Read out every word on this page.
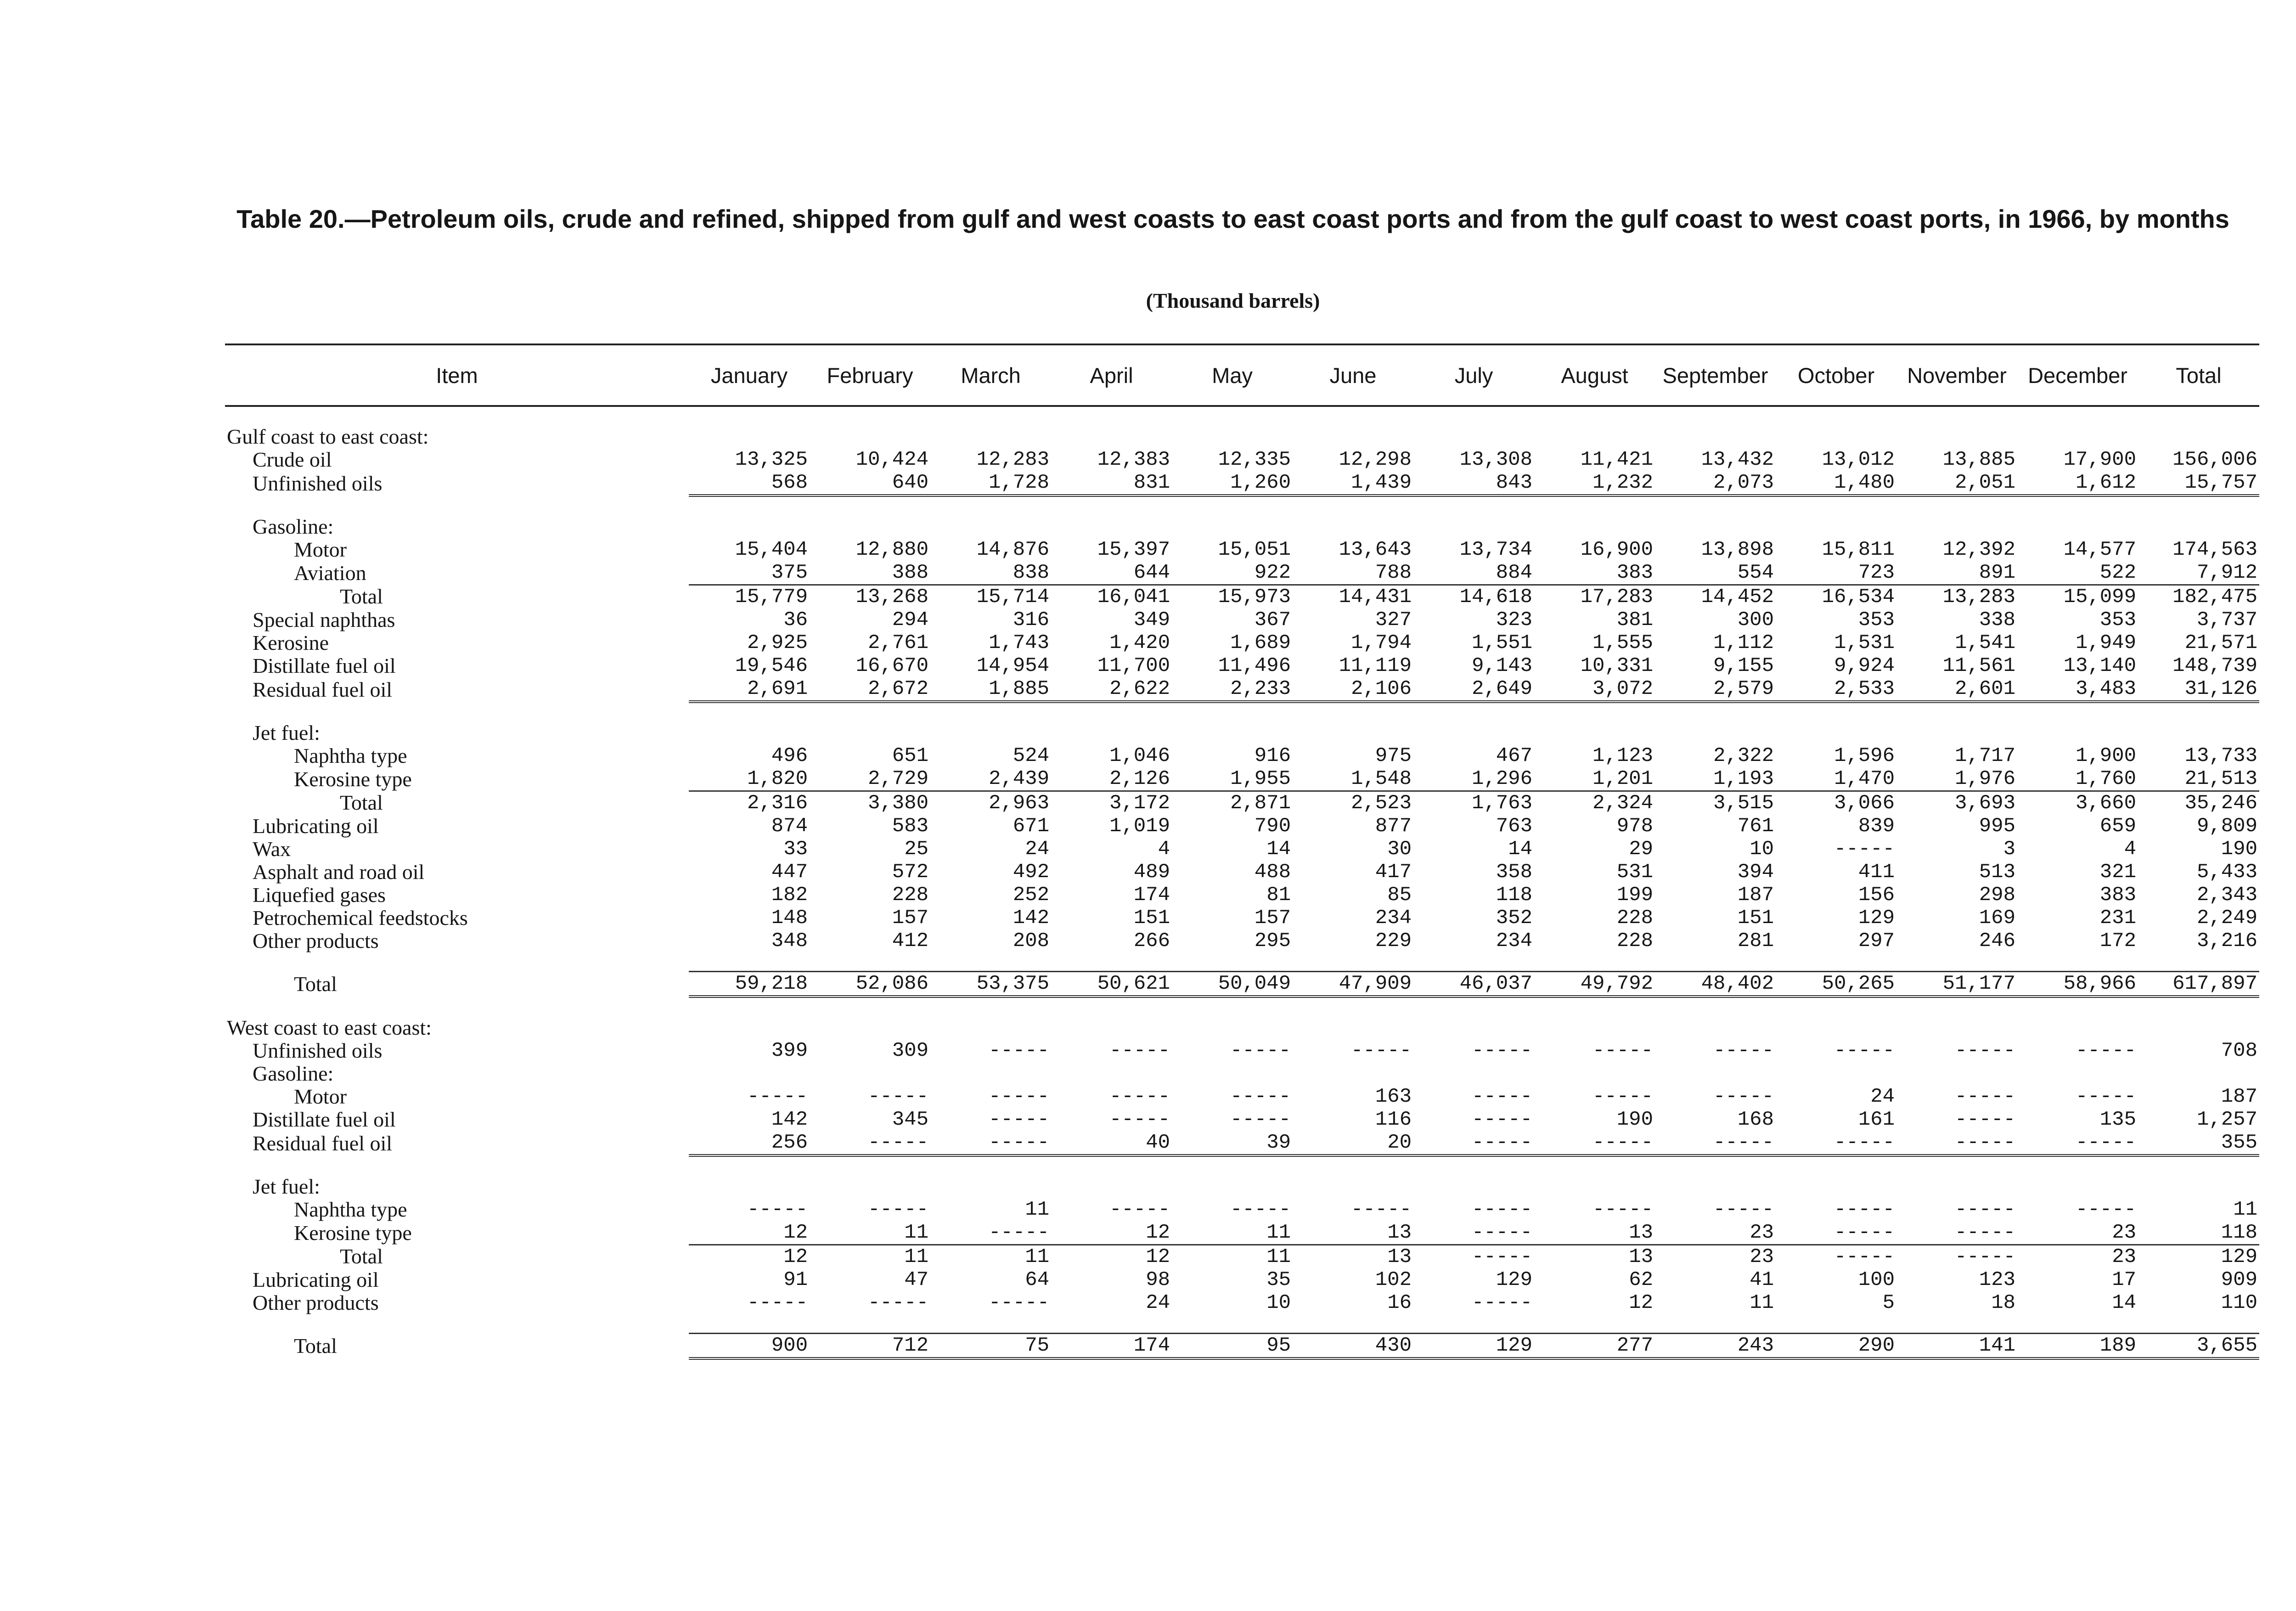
Table 20.—Petroleum oils, crude and refined, shipped from gulf and west coasts to east coast ports and from the gulf coast to west coast ports, in 1966, by months
(Thousand barrels)
Item	January	February	March	April	May	June	July	August	September	October	November	December	Total

Gulf coast to east coast:													
Crude oil	13,325	10,424	12,283	12,383	12,335	12,298	13,308	11,421	13,432	13,012	13,885	17,900	156,006
Unfinished oils	568	640	1,728	831	1,260	1,439	843	1,232	2,073	1,480	2,051	1,612	15,757

Gasoline:													
Motor	15,404	12,880	14,876	15,397	15,051	13,643	13,734	16,900	13,898	15,811	12,392	14,577	174,563
Aviation	375	388	838	644	922	788	884	383	554	723	891	522	7,912
Total	15,779	13,268	15,714	16,041	15,973	14,431	14,618	17,283	14,452	16,534	13,283	15,099	182,475
Special naphthas	36	294	316	349	367	327	323	381	300	353	338	353	3,737
Kerosine	2,925	2,761	1,743	1,420	1,689	1,794	1,551	1,555	1,112	1,531	1,541	1,949	21,571
Distillate fuel oil	19,546	16,670	14,954	11,700	11,496	11,119	9,143	10,331	9,155	9,924	11,561	13,140	148,739
Residual fuel oil	2,691	2,672	1,885	2,622	2,233	2,106	2,649	3,072	2,579	2,533	2,601	3,483	31,126

Jet fuel:													
Naphtha type	496	651	524	1,046	916	975	467	1,123	2,322	1,596	1,717	1,900	13,733
Kerosine type	1,820	2,729	2,439	2,126	1,955	1,548	1,296	1,201	1,193	1,470	1,976	1,760	21,513
Total	2,316	3,380	2,963	3,172	2,871	2,523	1,763	2,324	3,515	3,066	3,693	3,660	35,246
Lubricating oil	874	583	671	1,019	790	877	763	978	761	839	995	659	9,809
Wax	33	25	24	4	14	30	14	29	10	-----	3	4	190
Asphalt and road oil	447	572	492	489	488	417	358	531	394	411	513	321	5,433
Liquefied gases	182	228	252	174	81	85	118	199	187	156	298	383	2,343
Petrochemical feedstocks	148	157	142	151	157	234	352	228	151	129	169	231	2,249
Other products	348	412	208	266	295	229	234	228	281	297	246	172	3,216

Total	59,218	52,086	53,375	50,621	50,049	47,909	46,037	49,792	48,402	50,265	51,177	58,966	617,897

West coast to east coast:													
Unfinished oils	399	309	-----	-----	-----	-----	-----	-----	-----	-----	-----	-----	708
Gasoline:													
Motor	-----	-----	-----	-----	-----	163	-----	-----	-----	24	-----	-----	187
Distillate fuel oil	142	345	-----	-----	-----	116	-----	190	168	161	-----	135	1,257
Residual fuel oil	256	-----	-----	40	39	20	-----	-----	-----	-----	-----	-----	355

Jet fuel:													
Naphtha type	-----	-----	11	-----	-----	-----	-----	-----	-----	-----	-----	-----	11
Kerosine type	12	11	-----	12	11	13	-----	13	23	-----	-----	23	118
Total	12	11	11	12	11	13	-----	13	23	-----	-----	23	129
Lubricating oil	91	47	64	98	35	102	129	62	41	100	123	17	909
Other products	-----	-----	-----	24	10	16	-----	12	11	5	18	14	110

Total	900	712	75	174	95	430	129	277	243	290	141	189	3,655
